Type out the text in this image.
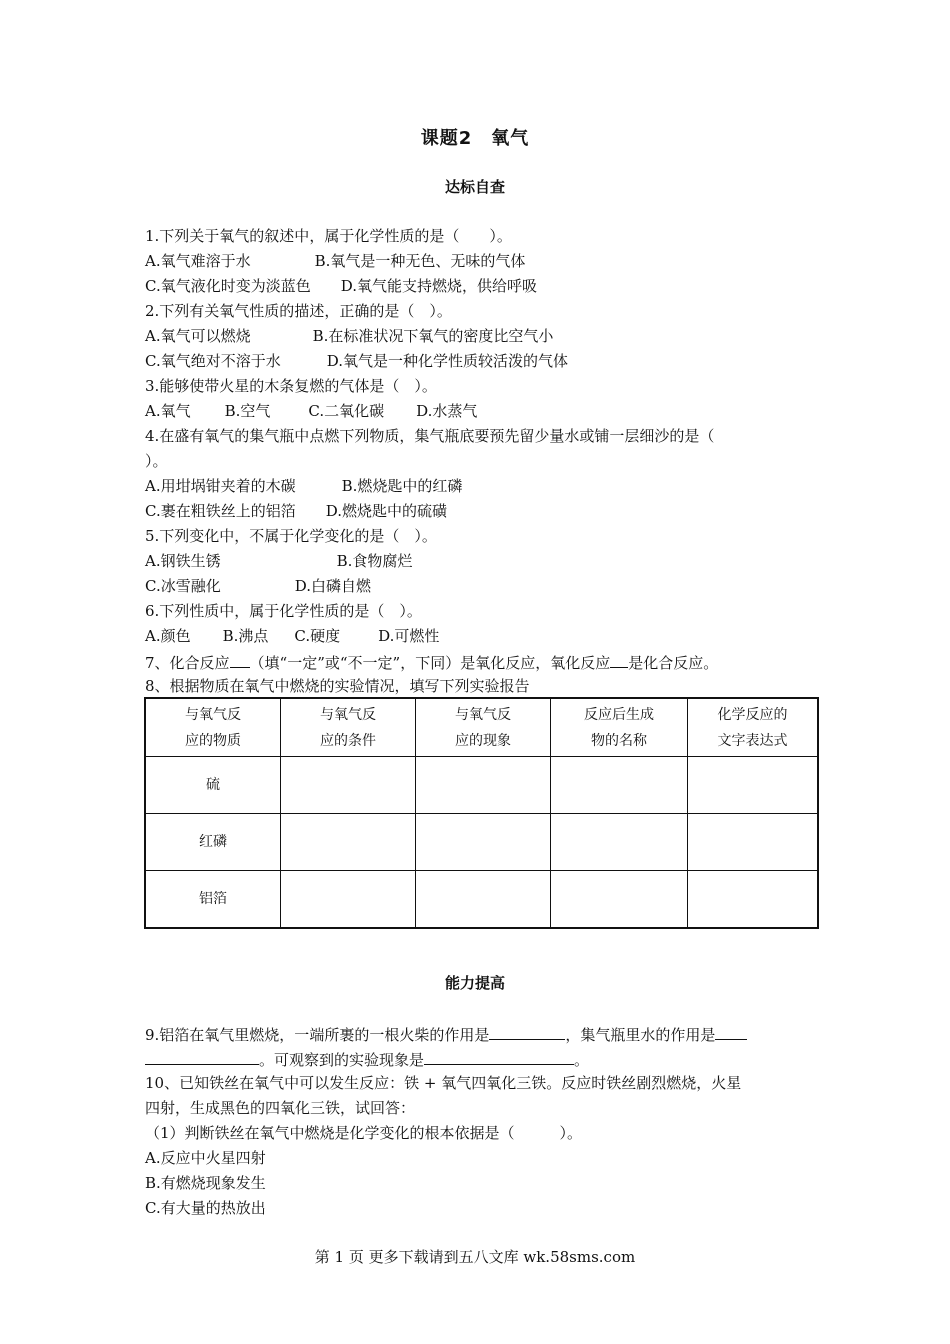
课题2　氧气
达标自查
1.下列关于氧气的叙述中，属于化学性质的是（　　）。
A.氧气难溶于水	B.氧气是一种无色、无味的气体
C.氧气液化时变为淡蓝色 D.氧气能支持燃烧，供给呼吸
2.下列有关氧气性质的描述，正确的是（　）。
A.氧气可以燃烧	B.在标准状况下氧气的密度比空气小
C.氧气绝对不溶于水	D.氧气是一种化学性质较活泼的气体
3.能够使带火星的木条复燃的气体是（　）。
A.氧气 B.空气	C.二氧化碳 D.水蒸气
4.在盛有氧气的集气瓶中点燃下列物质，集气瓶底要预先留少量水或铺一层细沙的是（
）。
A.用坩埚钳夹着的木碳	B.燃烧匙中的红磷
C.裹在粗铁丝上的铝箔 D.燃烧匙中的硫磺
5.下列变化中，不属于化学变化的是（　）。
A.钢铁生锈	B.食物腐烂
C.冰雪融化	D.白磷自燃
6.下列性质中，属于化学性质的是（　）。
A.颜色 B.沸点 C.硬度	D.可燃性
7、化合反应 （填“一定”或“不一定”，下同）是氧化反应，氧化反应 是化合反应。
8、根据物质在氧气中燃烧的实验情况，填写下列实验报告
与氧气反
应的物质	与氧气反
应的条件	与氧气反
应的现象	反应后生成
物的名称	化学反应的
文字表达式
硫				
红磷				
铝箔				
能力提高
9.铝箔在氧气里燃烧，一端所裹的一根火柴的作用是	，集气瓶里水的作用是
。可观察到的实验现象是	。
10、已知铁丝在氧气中可以发生反应：铁 + 氧气四氧化三铁。反应时铁丝剧烈燃烧，火星
四射，生成黑色的四氧化三铁，试回答：
（1）判断铁丝在氧气中燃烧是化学变化的根本依据是（　　　）。
A.反应中火星四射
B.有燃烧现象发生
C.有大量的热放出
第 1 页 更多下载请到五八文库 wk.58sms.com
